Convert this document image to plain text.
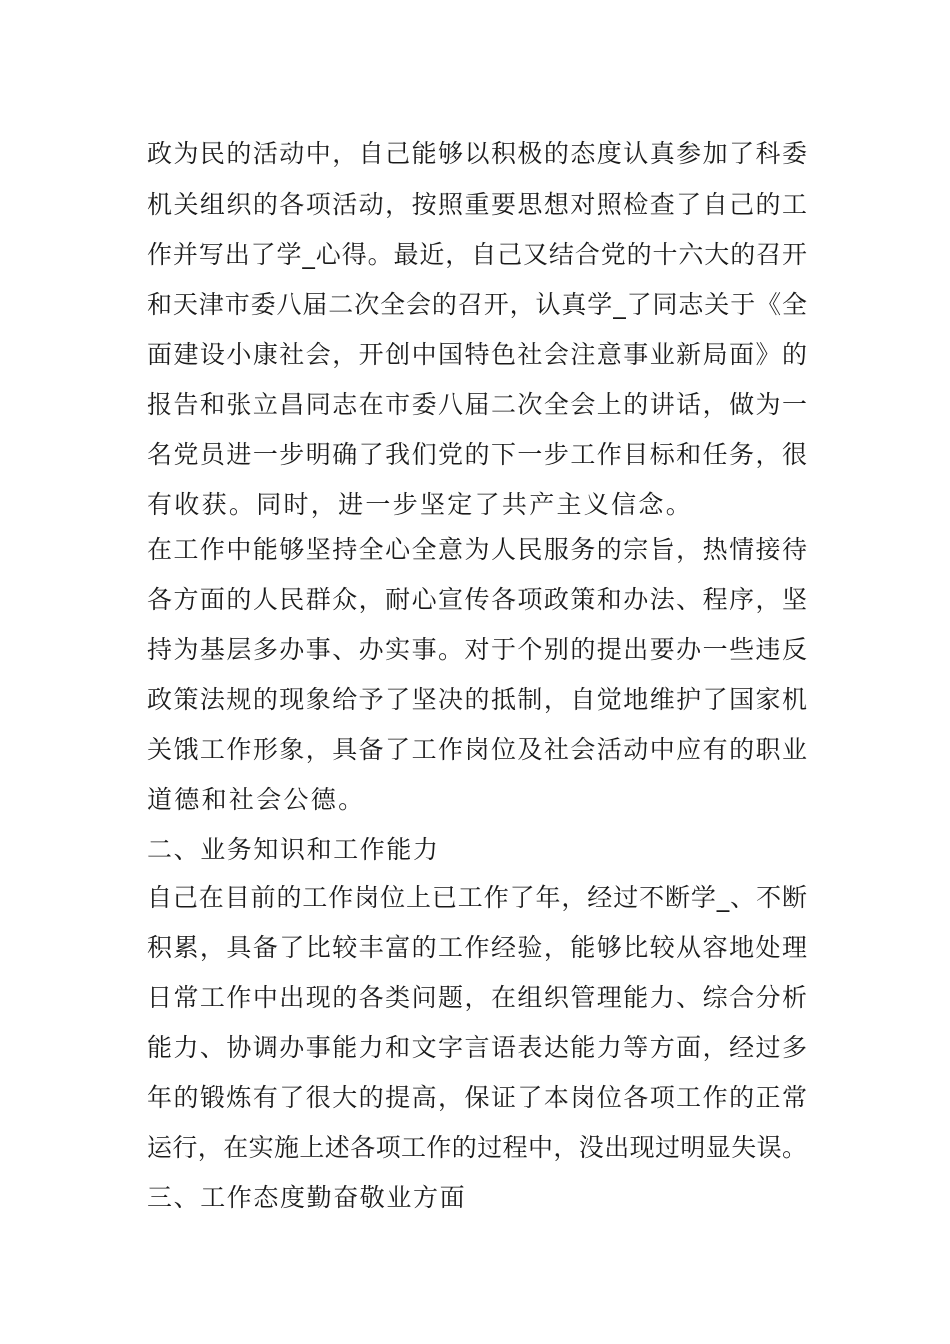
政为民的活动中，自己能够以积极的态度认真参加了科委
机关组织的各项活动，按照重要思想对照检查了自己的工
作并写出了学_心得。最近，自己又结合党的十六大的召开
和天津市委八届二次全会的召开，认真学_了同志关于《全
面建设小康社会，开创中国特色社会注意事业新局面》的
报告和张立昌同志在市委八届二次全会上的讲话，做为一
名党员进一步明确了我们党的下一步工作目标和任务，很
有收获。同时，进一步坚定了共产主义信念。
在工作中能够坚持全心全意为人民服务的宗旨，热情接待
各方面的人民群众，耐心宣传各项政策和办法、程序，坚
持为基层多办事、办实事。对于个别的提出要办一些违反
政策法规的现象给予了坚决的抵制，自觉地维护了国家机
关饿工作形象，具备了工作岗位及社会活动中应有的职业
道德和社会公德。
二、业务知识和工作能力
自己在目前的工作岗位上已工作了年，经过不断学_、不断
积累，具备了比较丰富的工作经验，能够比较从容地处理
日常工作中出现的各类问题，在组织管理能力、综合分析
能力、协调办事能力和文字言语表达能力等方面，经过多
年的锻炼有了很大的提高，保证了本岗位各项工作的正常
运行，在实施上述各项工作的过程中，没出现过明显失误。
三、工作态度勤奋敬业方面
